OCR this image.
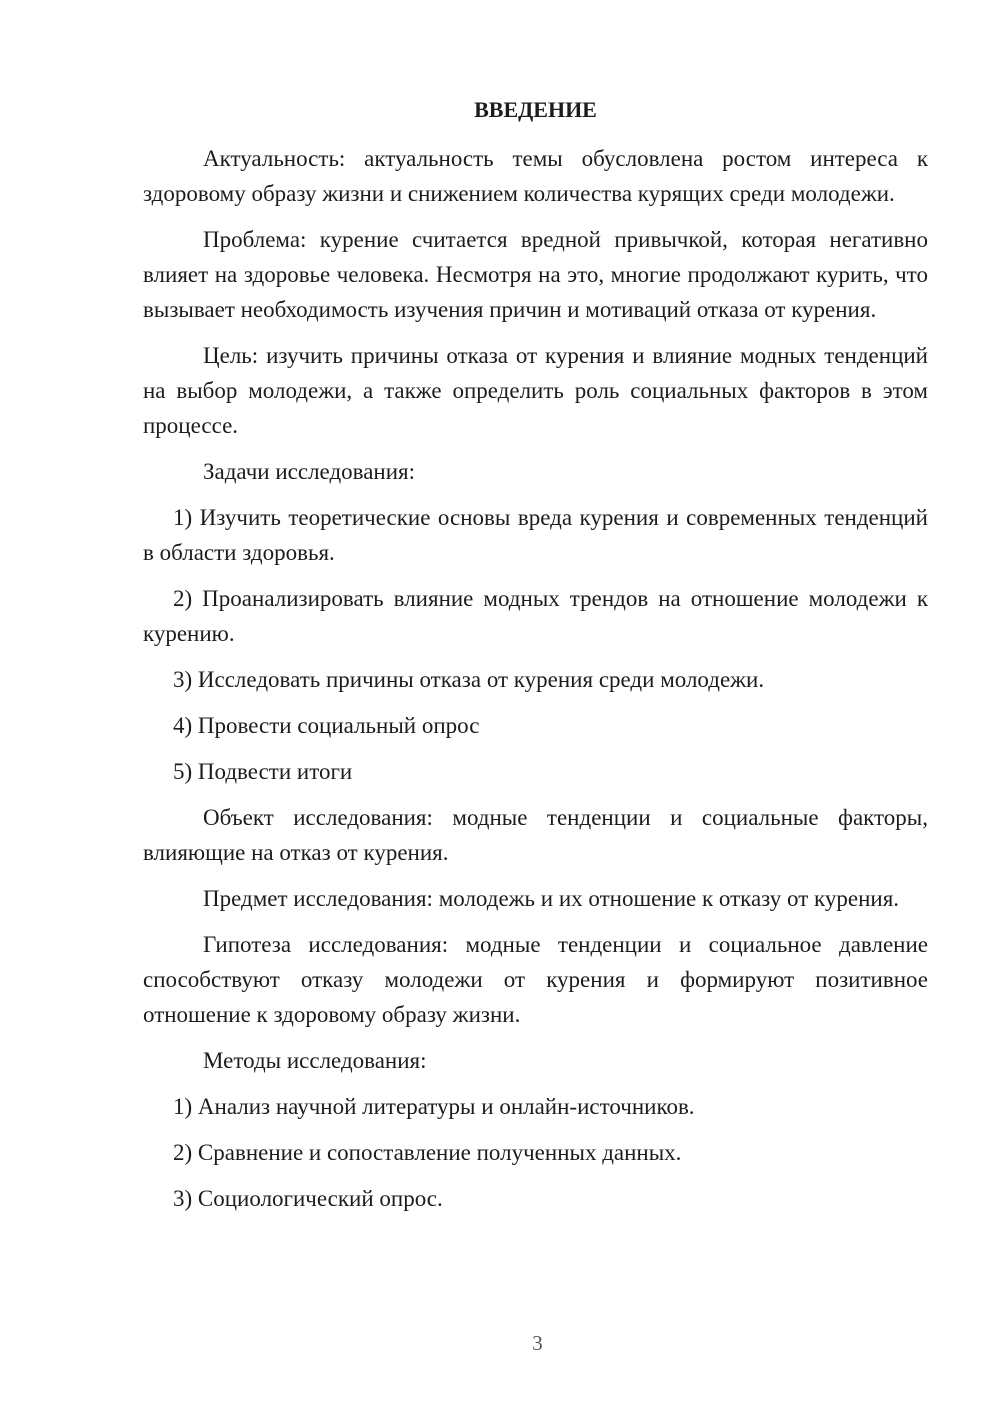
ВВЕДЕНИЕ

Актуальность: актуальность темы обусловлена ростом интереса к здоровому образу жизни и снижением количества курящих среди молодежи.

Проблема: курение считается вредной привычкой, которая негативно влияет на здоровье человека. Несмотря на это, многие продолжают курить, что вызывает необходимость изучения причин и мотиваций отказа от курения.

Цель: изучить причины отказа от курения и влияние модных тенденций на выбор молодежи, а также определить роль социальных факторов в этом процессе.

Задачи исследования:

1) Изучить теоретические основы вреда курения и современных тенденций в области здоровья.

2) Проанализировать влияние модных трендов на отношение молодежи к курению.

3) Исследовать причины отказа от курения среди молодежи.

4) Провести социальный опрос

5) Подвести итоги

Объект исследования: модные тенденции и социальные факторы, влияющие на отказ от курения.

Предмет исследования: молодежь и их отношение к отказу от курения.

Гипотеза исследования: модные тенденции и социальное давление способствуют отказу молодежи от курения и формируют позитивное отношение к здоровому образу жизни.

Методы исследования:

1) Анализ научной литературы и онлайн-источников.

2) Сравнение и сопоставление полученных данных.

3) Социологический опрос.

3
